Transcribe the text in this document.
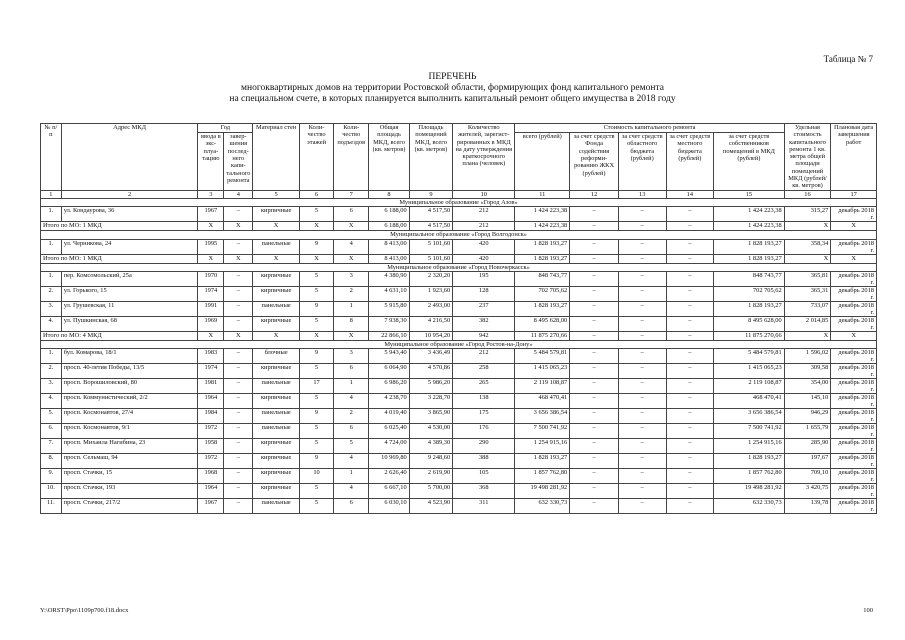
Таблица № 7
ПЕРЕЧЕНЬ
многоквартирных домов на территории Ростовской области, формирующих фонд капитального ремонта
на специальном счете, в которых планируется выполнить капитальный ремонт общего имущества в 2018 году
№ п/п	Адрес МКД	Год		Материал стен	Коли-чество этажей	Коли-чество подъездов	Общая площадь МКД, всего (кв. метров)	Площадь помещений МКД, всего (кв. метров)	Количество жителей, зарегист-рированных в МКД на дату утверждения краткосрочного плана (человек)	Стоимость капитального ремонта					Удельная стоимость капитального ремонта 1 кв. метра общей площади помещений МКД (рублей/ кв. метров)	Плановая дата завершения работ
		ввода в экс-плуа-тацию	завер-шения послед-него капи-тального ремонта							всего (рублей)	за счет средств Фонда содействия реформи-рованию ЖКХ (рублей)	за счет средств областного бюджета (рублей)	за счет средств местного бюджета (рублей)	за счет средств собственников помещений в МКД (рублей)		
1	2	3	4	5	6	7	8	9	10	11	12	13	14	15	16	17
Муниципальное образование «Город Азов»																
1.	ул. Кондаурова, 36	1967	–	кирпичные	5	6	6 188,00	4 517,50	212	1 424 223,38	–	–	–	1 424 223,38	315,27	декабрь 2018 г.
Итого по МО: 1 МКД		X	X	X	X	X	6 188,00	4 517,50	212	1 424 223,38	–	–	–	1 424 223,38	X	X
Муниципальное образование «Город Волгодонск»																
1.	ул. Черникова, 24	1995	–	панельные	9	4	8 413,00	5 101,60	420	1 828 193,27	–	–	–	1 828 193,27	358,34	декабрь 2018 г.
Итого по МО: 1 МКД		X	X	X	X	X	8 413,00	5 101,60	420	1 828 193,27	–	–	–	1 828 193,27	X	X
Муниципальное образование «Город Новочеркасск»																
1.	пер. Комсомольский, 25а	1970	–	кирпичные	5	3	4 380,90	2 320,20	195	848 743,77	–	–	–	848 743,77	365,81	декабрь 2018 г.
2.	ул. Горького, 15	1974	–	кирпичные	5	2	4 631,10	1 923,60	128	702 705,62	–	–	–	702 705,62	365,31	декабрь 2018 г.
3.	ул. Грушевская, 11	1991	–	панельные	9	1	5 915,80	2 493,00	237	1 828 193,27	–	–	–	1 828 193,27	733,07	декабрь 2018 г.
4.	ул. Пушкинская, 68	1969	–	кирпичные	5	8	7 938,30	4 216,50	382	8 495 628,00	–	–	–	8 495 628,00	2 014,85	декабрь 2018 г.
Итого по МО: 4 МКД		X	X	X	X	X	22 866,10	10 954,20	942	11 875 270,66	–	–	–	11 875 270,66	X	X
Муниципальное образование «Город Ростов-на-Дону»																
1.	бул. Комарова, 18/1	1983	–	блочные	9	3	5 943,40	3 436,49	212	5 484 579,81	–	–	–	5 484 579,81	1 596,02	декабрь 2018 г.
2.	просп. 40-летия Победы, 13/5	1974	–	кирпичные	5	6	6 064,90	4 570,86	258	1 415 065,23	–	–	–	1 415 065,23	309,58	декабрь 2018 г.
3.	просп. Ворошиловский, 80	1981	–	панельные	17	1	6 986,20	5 986,20	265	2 119 108,87	–	–	–	2 119 108,87	354,00	декабрь 2018 г.
4.	просп. Коммунистический, 2/2	1964	–	кирпичные	5	4	4 238,70	3 228,70	138	468 470,41	–	–	–	468 470,41	145,10	декабрь 2018 г.
5.	просп. Космонавтов, 27/4	1984	–	панельные	9	2	4 019,40	3 865,90	175	3 656 386,54	–	–	–	3 656 386,54	946,29	декабрь 2018 г.
6.	просп. Космонавтов, 9/1	1972	–	панельные	5	6	6 025,40	4 530,00	176	7 500 741,92	–	–	–	7 500 741,92	1 655,79	декабрь 2018 г.
7.	просп. Михаила Нагибина, 23	1958	–	кирпичные	5	5	4 724,00	4 389,30	290	1 254 915,16	–	–	–	1 254 915,16	285,90	декабрь 2018 г.
8.	просп. Сельмаш, 94	1972	–	кирпичные	9	4	10 969,80	9 248,60	388	1 828 193,27	–	–	–	1 828 193,27	197,67	декабрь 2018 г.
9.	просп. Стачки, 15	1968	–	кирпичные	10	1	2 626,40	2 619,90	105	1 857 762,80	–	–	–	1 857 762,80	709,10	декабрь 2018 г.
10.	просп. Стачки, 193	1964	–	кирпичные	5	4	6 667,10	5 700,00	368	19 498 281,92	–	–	–	19 498 281,92	3 420,75	декабрь 2018 г.
11.	просп. Стачки, 217/2	1967	–	панельные	5	6	6 030,10	4 523,90	311	632 330,73	–	–	–	632 330,73	139,78	декабрь 2018 г.
Y:\ORST\Ppo\1109p700.f18.docx	100
